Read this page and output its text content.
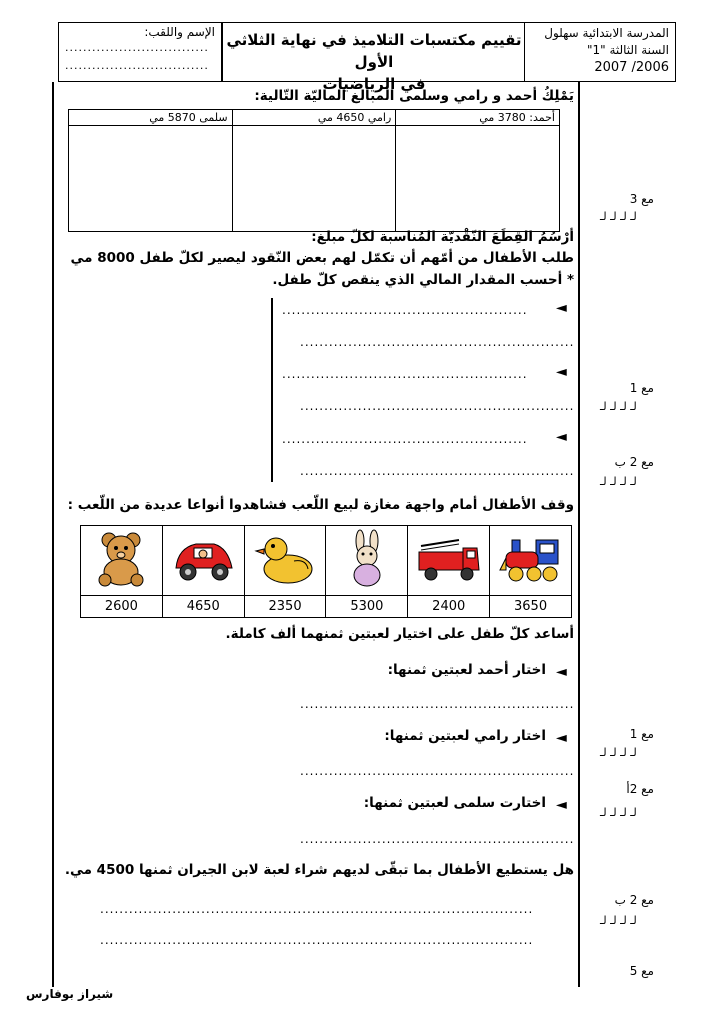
المدرسة الابتدائية سهلول
السنة الثالثة "1"
2007 /2006
تقييم مكتسبات التلاميذ في نهاية الثلاثي الأول
في الرياضيات
الإسم واللقب:
................................
................................
يَمْلِكُ أحمد و رامي وسلمى المبالغ الماليّة التّالية:
سلمى 5870 مي	رامي 4650 مي	أحمد: 3780 مي

مع 3
لـ لـ لـ لـ
أرْسُمُ القِطَعَ النّقْديّة المُناسبة لكلّ مبلغ:
طلب الأطفال من أمّهم أن تكمّل لهم بعض النّقود ليصير لكلّ طفل 8000 مي
* أحسب المقدار المالي الذي ينقص كلّ طفل.
................................................... ◄
.........................................................
................................................... ◄
.........................................................
................................................... ◄
.........................................................
مع 1
لـ لـ لـ لـ
مع 2 ب
لـ لـ لـ لـ
وقف الأطفال أمام واجهة مغازة لبيع اللّعب فشاهدوا أنواعا عديدة من اللّعب :

2600	4650	2350	5300	2400	3650
أساعد كلّ طفل على اختيار لعبتين ثمنهما ألف كاملة.
◄
اختار أحمد لعبتين ثمنها:
.........................................................
◄
اختار رامي لعبتين ثمنها:
.........................................................
◄
اختارت سلمى لعبتين ثمنها:
.........................................................
مع 1
لـ لـ لـ لـ
مع 2أ
لـ لـ لـ لـ
هل يستطيع الأطفال بما تبقّى لديهم شراء لعبة لابن الجيران ثمنها 4500 مي.
..........................................................................................
..........................................................................................
مع 2 ب
لـ لـ لـ لـ
مع 5
شيراز بوفارس
